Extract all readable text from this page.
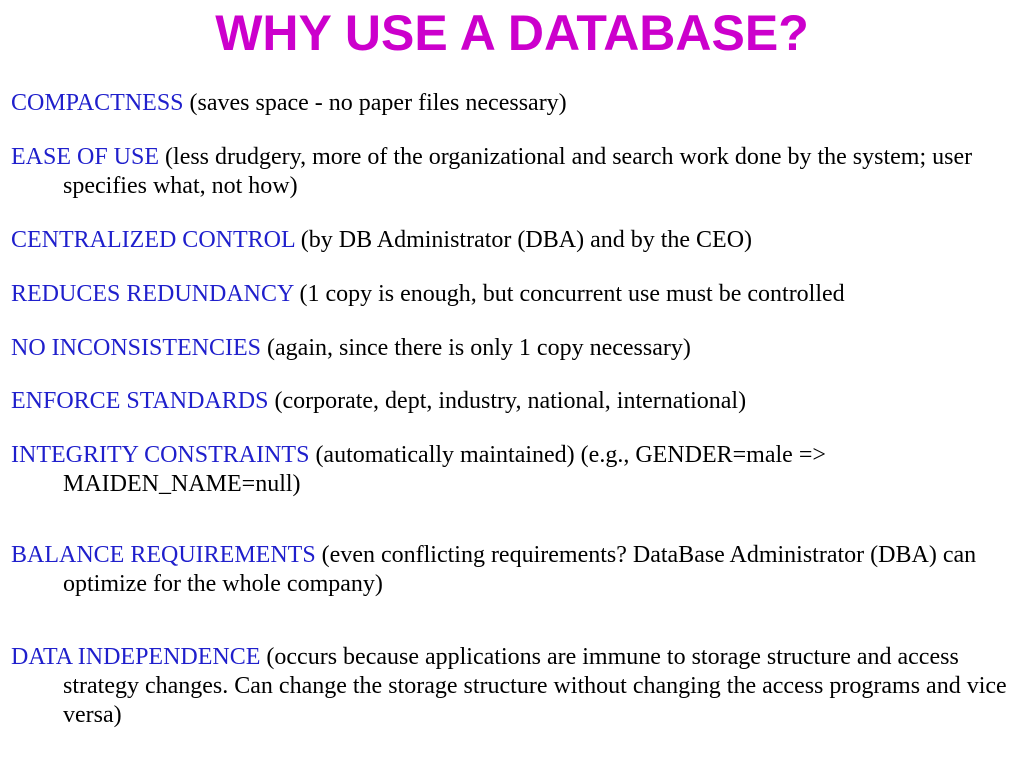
WHY USE A DATABASE?

COMPACTNESS (saves space - no paper files necessary)

EASE OF USE (less drudgery, more of the organizational and search work done by the system; user specifies what, not how)

CENTRALIZED CONTROL (by DB Administrator (DBA) and by the CEO)

REDUCES REDUNDANCY (1 copy is enough, but concurrent use must be controlled

NO INCONSISTENCIES (again, since there is only 1 copy necessary)

ENFORCE STANDARDS (corporate, dept, industry, national, international)

INTEGRITY CONSTRAINTS (automatically maintained) (e.g., GENDER=male => MAIDEN_NAME=null)

BALANCE REQUIREMENTS (even conflicting requirements? DataBase Administrator (DBA) can optimize for the whole company)

DATA INDEPENDENCE (occurs because applications are immune to storage structure and access strategy changes. Can change the storage structure without changing the access programs and vice versa)
